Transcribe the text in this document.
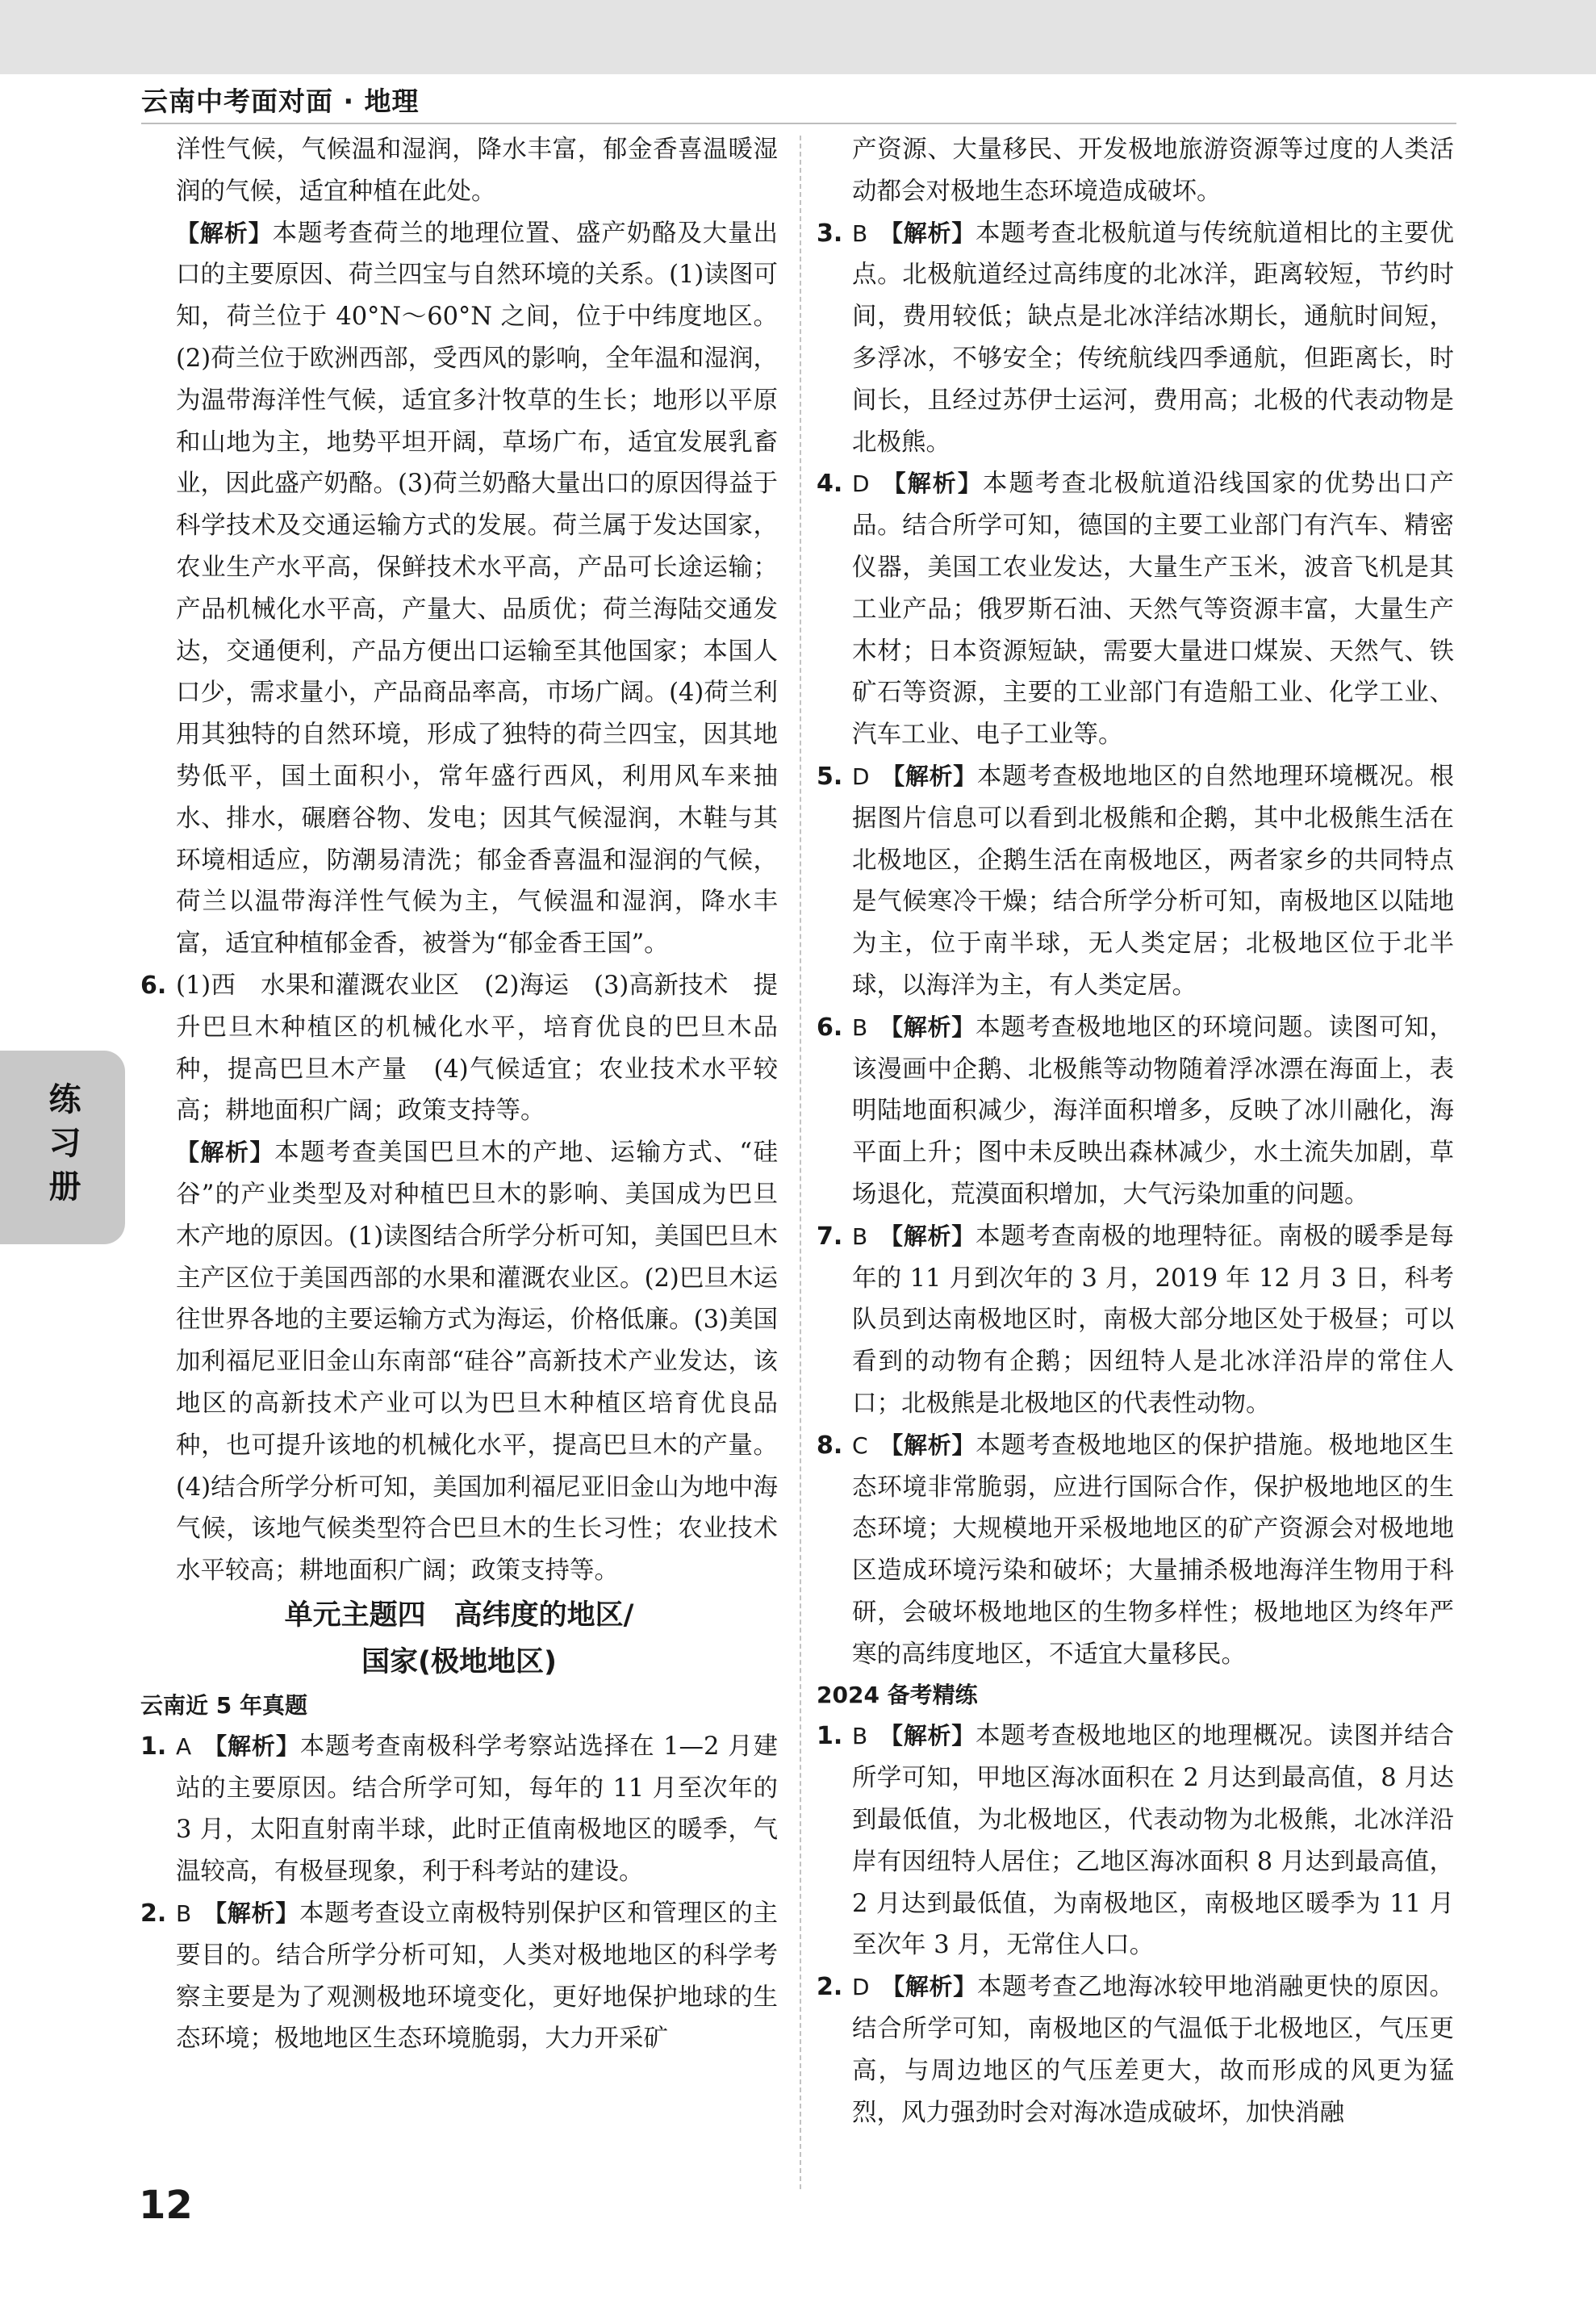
云南中考面对面 · 地理

洋性气候，气候温和湿润，降水丰富，郁金香喜温暖湿润的气候，适宜种植在此处。

【解析】本题考查荷兰的地理位置、盛产奶酪及大量出口的主要原因、荷兰四宝与自然环境的关系。(1)读图可知，荷兰位于 40°N～60°N 之间，位于中纬度地区。(2)荷兰位于欧洲西部，受西风的影响，全年温和湿润，为温带海洋性气候，适宜多汁牧草的生长；地形以平原和山地为主，地势平坦开阔，草场广布，适宜发展乳畜业，因此盛产奶酪。(3)荷兰奶酪大量出口的原因得益于科学技术及交通运输方式的发展。荷兰属于发达国家，农业生产水平高，保鲜技术水平高，产品可长途运输；产品机械化水平高，产量大、品质优；荷兰海陆交通发达，交通便利，产品方便出口运输至其他国家；本国人口少，需求量小，产品商品率高，市场广阔。(4)荷兰利用其独特的自然环境，形成了独特的荷兰四宝，因其地势低平，国土面积小，常年盛行西风，利用风车来抽水、排水，碾磨谷物、发电；因其气候湿润，木鞋与其环境相适应，防潮易清洗；郁金香喜温和湿润的气候，荷兰以温带海洋性气候为主，气候温和湿润，降水丰富，适宜种植郁金香，被誉为“郁金香王国”。

6. (1)西　水果和灌溉农业区　(2)海运　(3)高新技术　提升巴旦木种植区的机械化水平，培育优良的巴旦木品种，提高巴旦木产量　(4)气候适宜；农业技术水平较高；耕地面积广阔；政策支持等。

【解析】本题考查美国巴旦木的产地、运输方式、“硅谷”的产业类型及对种植巴旦木的影响、美国成为巴旦木产地的原因。(1)读图结合所学分析可知，美国巴旦木主产区位于美国西部的水果和灌溉农业区。(2)巴旦木运往世界各地的主要运输方式为海运，价格低廉。(3)美国加利福尼亚旧金山东南部“硅谷”高新技术产业发达，该地区的高新技术产业可以为巴旦木种植区培育优良品种，也可提升该地的机械化水平，提高巴旦木的产量。(4)结合所学分析可知，美国加利福尼亚旧金山为地中海气候，该地气候类型符合巴旦木的生长习性；农业技术水平较高；耕地面积广阔；政策支持等。

单元主题四　高纬度的地区/
国家(极地地区)
云南近 5 年真题

1. A 【解析】本题考查南极科学考察站选择在 1—2 月建站的主要原因。结合所学可知，每年的 11 月至次年的 3 月，太阳直射南半球，此时正值南极地区的暖季，气温较高，有极昼现象，利于科考站的建设。

2. B 【解析】本题考查设立南极特别保护区和管理区的主要目的。结合所学分析可知，人类对极地地区的科学考察主要是为了观测极地环境变化，更好地保护地球的生态环境；极地地区生态环境脆弱，大力开采矿

产资源、大量移民、开发极地旅游资源等过度的人类活动都会对极地生态环境造成破坏。

3. B 【解析】本题考查北极航道与传统航道相比的主要优点。北极航道经过高纬度的北冰洋，距离较短，节约时间，费用较低；缺点是北冰洋结冰期长，通航时间短，多浮冰，不够安全；传统航线四季通航，但距离长，时间长，且经过苏伊士运河，费用高；北极的代表动物是北极熊。

4. D 【解析】本题考查北极航道沿线国家的优势出口产品。结合所学可知，德国的主要工业部门有汽车、精密仪器，美国工农业发达，大量生产玉米，波音飞机是其工业产品；俄罗斯石油、天然气等资源丰富，大量生产木材；日本资源短缺，需要大量进口煤炭、天然气、铁矿石等资源，主要的工业部门有造船工业、化学工业、汽车工业、电子工业等。

5. D 【解析】本题考查极地地区的自然地理环境概况。根据图片信息可以看到北极熊和企鹅，其中北极熊生活在北极地区，企鹅生活在南极地区，两者家乡的共同特点是气候寒冷干燥；结合所学分析可知，南极地区以陆地为主，位于南半球，无人类定居；北极地区位于北半球，以海洋为主，有人类定居。

6. B 【解析】本题考查极地地区的环境问题。读图可知，该漫画中企鹅、北极熊等动物随着浮冰漂在海面上，表明陆地面积减少，海洋面积增多，反映了冰川融化，海平面上升；图中未反映出森林减少，水土流失加剧，草场退化，荒漠面积增加，大气污染加重的问题。

7. B 【解析】本题考查南极的地理特征。南极的暖季是每年的 11 月到次年的 3 月，2019 年 12 月 3 日，科考队员到达南极地区时，南极大部分地区处于极昼；可以看到的动物有企鹅；因纽特人是北冰洋沿岸的常住人口；北极熊是北极地区的代表性动物。

8. C 【解析】本题考查极地地区的保护措施。极地地区生态环境非常脆弱，应进行国际合作，保护极地地区的生态环境；大规模地开采极地地区的矿产资源会对极地地区造成环境污染和破坏；大量捕杀极地海洋生物用于科研，会破坏极地地区的生物多样性；极地地区为终年严寒的高纬度地区，不适宜大量移民。

2024 备考精练

1. B 【解析】本题考查极地地区的地理概况。读图并结合所学可知，甲地区海冰面积在 2 月达到最高值，8 月达到最低值，为北极地区，代表动物为北极熊，北冰洋沿岸有因纽特人居住；乙地区海冰面积 8 月达到最高值，2 月达到最低值，为南极地区，南极地区暖季为 11 月至次年 3 月，无常住人口。

2. D 【解析】本题考查乙地海冰较甲地消融更快的原因。结合所学可知，南极地区的气温低于北极地区，气压更高，与周边地区的气压差更大，故而形成的风更为猛烈，风力强劲时会对海冰造成破坏，加快消融

练习册
12
